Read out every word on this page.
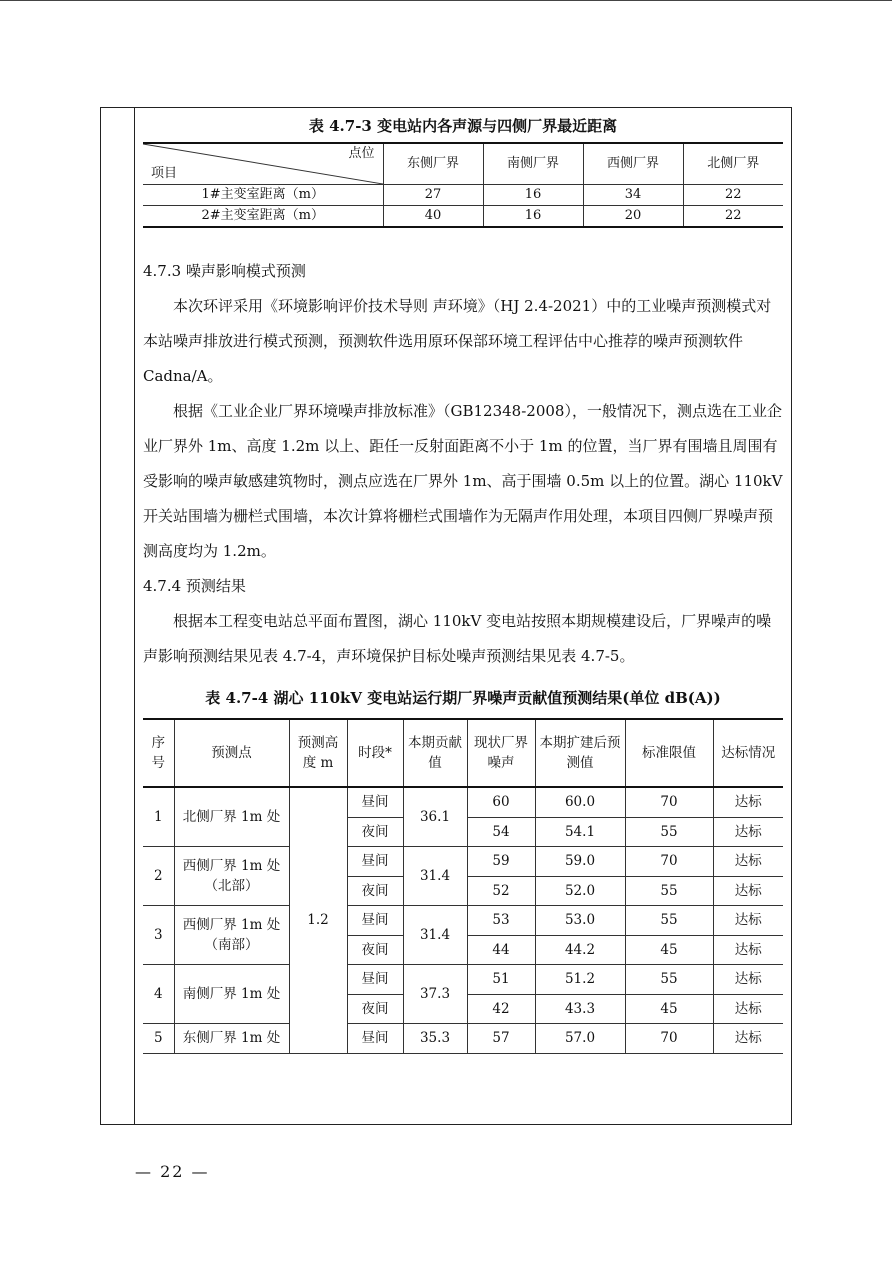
表 4.7-3 变电站内各声源与四侧厂界最近距离
点位
项目	东侧厂界	南侧厂界	西侧厂界	北侧厂界
1#主变室距离（m）	27	16	34	22
2#主变室距离（m）	40	16	20	22

4.7.3 噪声影响模式预测

本次环评采用《环境影响评价技术导则 声环境》（HJ 2.4-2021）中的工业噪声预测模式对本站噪声排放进行模式预测，预测软件选用原环保部环境工程评估中心推荐的噪声预测软件 Cadna/A。

根据《工业企业厂界环境噪声排放标准》（GB12348-2008），一般情况下，测点选在工业企业厂界外 1m、高度 1.2m 以上、距任一反射面距离不小于 1m 的位置，当厂界有围墙且周围有受影响的噪声敏感建筑物时，测点应选在厂界外 1m、高于围墙 0.5m 以上的位置。湖心 110kV 开关站围墙为栅栏式围墙，本次计算将栅栏式围墙作为无隔声作用处理，本项目四侧厂界噪声预测高度均为 1.2m。

4.7.4 预测结果

根据本工程变电站总平面布置图，湖心 110kV 变电站按照本期规模建设后，厂界噪声的噪声影响预测结果见表 4.7-4，声环境保护目标处噪声预测结果见表 4.7-5。

表 4.7-4 湖心 110kV 变电站运行期厂界噪声贡献值预测结果(单位 dB(A))
序号	预测点	预测高度 m	时段*	本期贡献值	现状厂界噪声	本期扩建后预测值	标准限值	达标情况
1	北侧厂界 1m 处	1.2	昼间	36.1	60	60.0	70	达标
			夜间		54	54.1	55	达标
2	西侧厂界 1m 处（北部）		昼间	31.4	59	59.0	70	达标
			夜间		52	52.0	55	达标
3	西侧厂界 1m 处（南部）		昼间	31.4	53	53.0	55	达标
			夜间		44	44.2	45	达标
4	南侧厂界 1m 处		昼间	37.3	51	51.2	55	达标
			夜间		42	43.3	45	达标
5	东侧厂界 1m 处		昼间	35.3	57	57.0	70	达标
— 22 —
